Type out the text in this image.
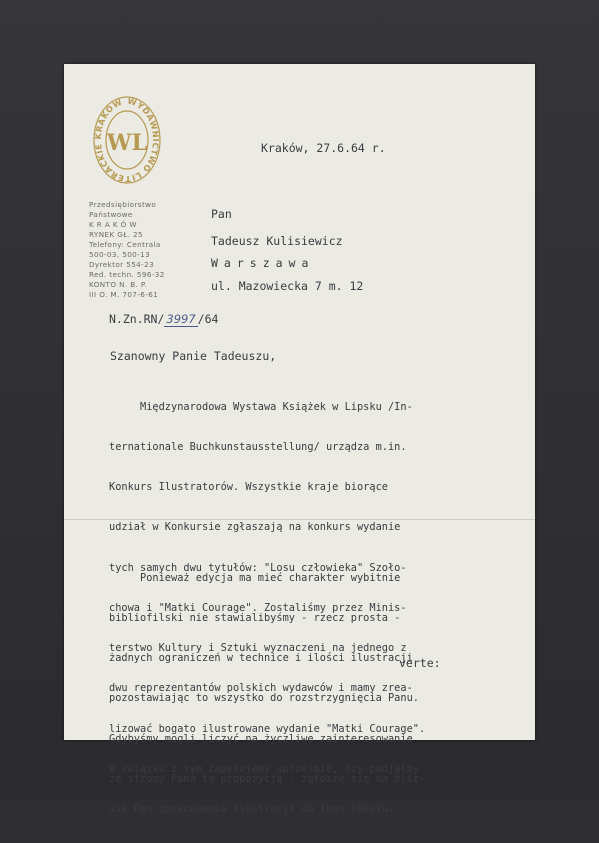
WYDAWNICTWO LITERACKIE KRAKÓW
WL
Przedsiębiorstwo
Państwowe
K R A K Ó W
RYNEK GŁ. 25
Telefony: Centrala
500-03, 500-13
Dyrektor 554-23
Red. techn. 596-32
KONTO N. B. P.
III O. M. 707-6-61
Kraków, 27.6.64 r.
Pan
Tadeusz Kulisiewicz
Warszawa
ul. Mazowiecka 7 m. 12
N.Zn.RN/ 3997 /64
Szanowny Panie Tadeuszu,

Międzynarodowa Wystawa Książek w Lipsku /In-

ternationale Buchkunstausstellung/ urządza m.in.

Konkurs Ilustratorów. Wszystkie kraje biorące

udział w Konkursie zgłaszają na konkurs wydanie

tych samych dwu tytułów: "Losu człowieka" Szoło-

chowa i "Matki Courage". Zostaliśmy przez Minis-

terstwo Kultury i Sztuki wyznaczeni na jednego z

dwu reprezentantów polskich wydawców i mamy zrea-

lizować bogato ilustrowane wydanie "Matki Courage".

W związku z tym zapytujemy uprzejmie, czy podjąłby

się Pan opracowania ilustracji do tego tekstu.

Ponieważ edycja ma mieć charakter wybitnie

bibliofilski nie stawialibyśmy - rzecz prosta -

żadnych ograniczeń w technice i ilości ilustracji

pozostawiając to wszystko do rozstrzygnięcia Panu.

Gdybyśmy mogli liczyć na życzliwe zainteresowanie

ze strony Pana tą propozycją - zgłoszę się na bliż-

verte:
